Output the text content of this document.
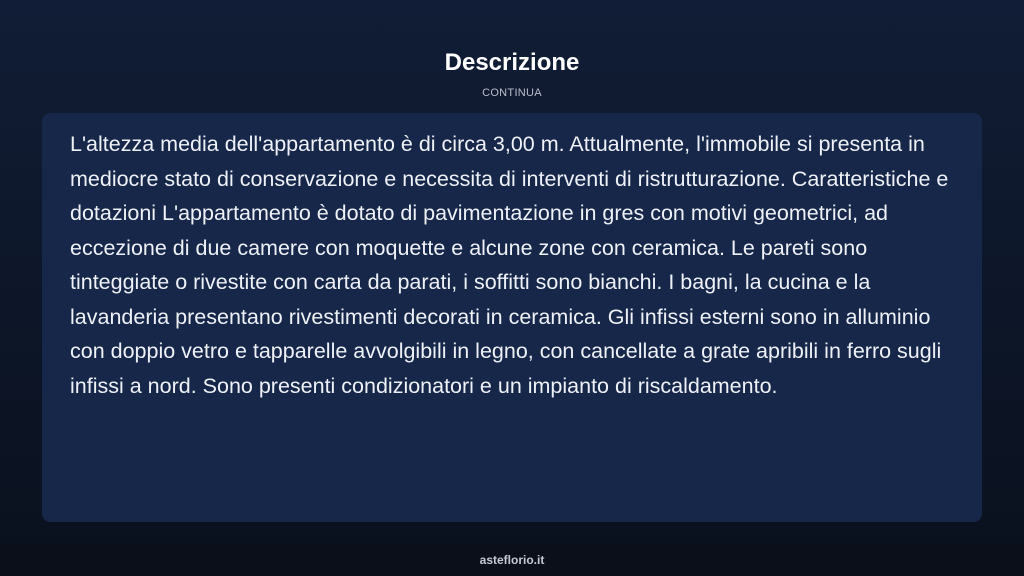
Descrizione
CONTINUA

L'altezza media dell'appartamento è di circa 3,00 m. Attualmente, l'immobile si presenta in mediocre stato di conservazione e necessita di interventi di ristrutturazione. Caratteristiche e dotazioni L'appartamento è dotato di pavimentazione in gres con motivi geometrici, ad eccezione di due camere con moquette e alcune zone con ceramica. Le pareti sono tinteggiate o rivestite con carta da parati, i soffitti sono bianchi. I bagni, la cucina e la lavanderia presentano rivestimenti decorati in ceramica. Gli infissi esterni sono in alluminio con doppio vetro e tapparelle avvolgibili in legno, con cancellate a grate apribili in ferro sugli infissi a nord. Sono presenti condizionatori e un impianto di riscaldamento.

asteflorio.it
